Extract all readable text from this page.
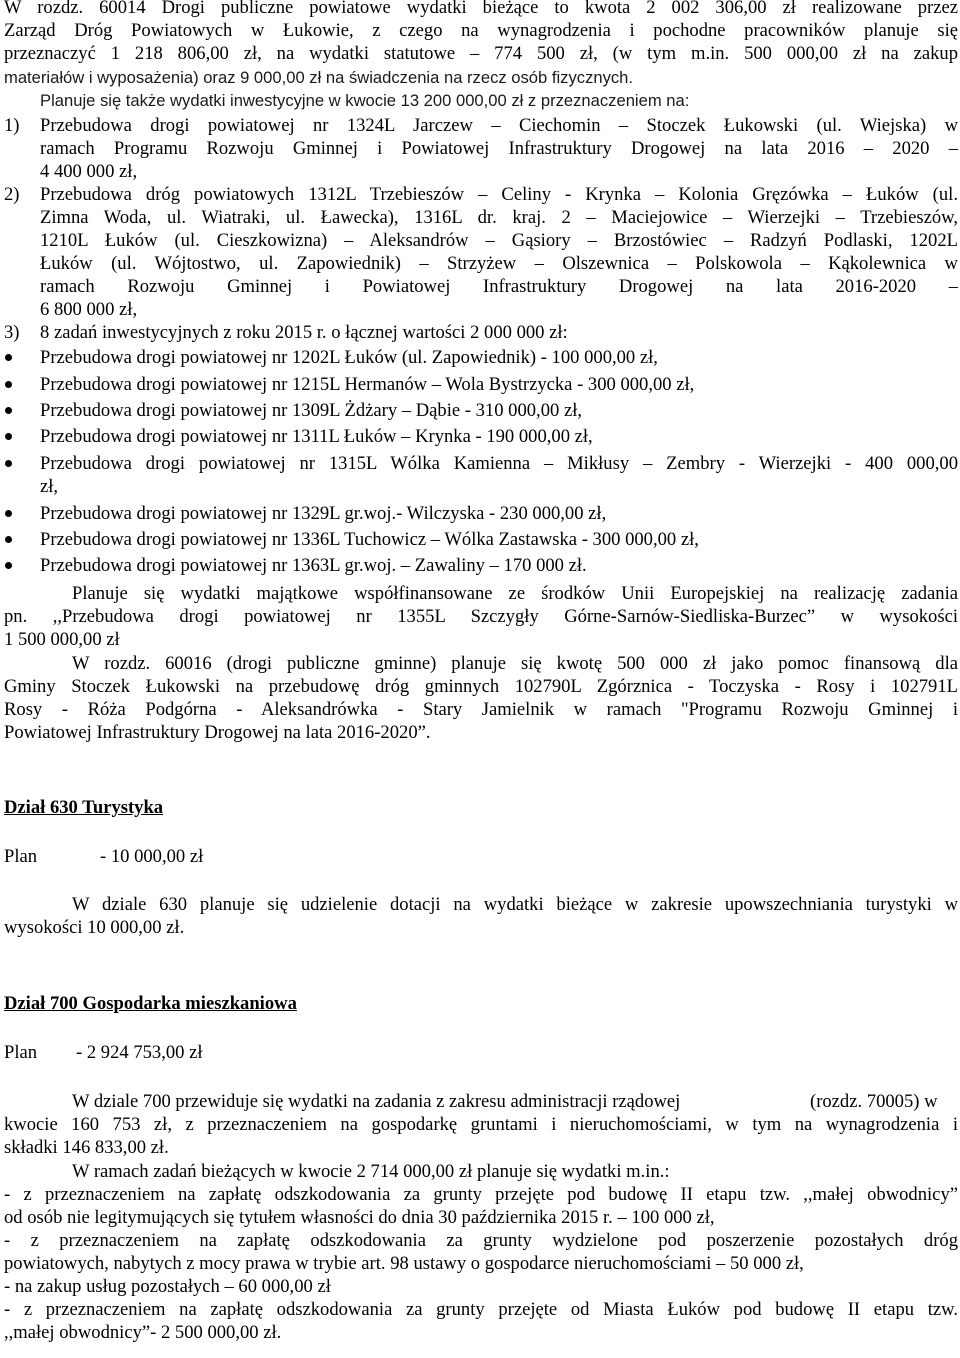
W rozdz. 60014 Drogi publiczne powiatowe wydatki bieżące to kwota 2 002 306,00 zł realizowane przez
Zarząd Dróg Powiatowych w Łukowie, z czego na wynagrodzenia i pochodne pracowników planuje się
przeznaczyć 1 218 806,00 zł, na wydatki statutowe – 774 500 zł, (w tym m.in. 500 000,00 zł na zakup
materiałów i wyposażenia) oraz 9 000,00 zł na świadczenia na rzecz osób fizycznych.
Planuje się także wydatki inwestycyjne w kwocie 13 200 000,00 zł z przeznaczeniem na:
1)	Przebudowa drogi powiatowej nr 1324L Jarczew – Ciechomin – Stoczek Łukowski (ul. Wiejska) w
ramach Programu Rozwoju Gminnej i Powiatowej Infrastruktury Drogowej na lata 2016 – 2020 –
4 400 000 zł,
2)	Przebudowa dróg powiatowych 1312L Trzebieszów – Celiny - Krynka – Kolonia Gręzówka – Łuków (ul.
Zimna Woda, ul. Wiatraki, ul. Ławecka), 1316L dr. kraj. 2 – Maciejowice – Wierzejki – Trzebieszów,
1210L Łuków (ul. Cieszkowizna) – Aleksandrów – Gąsiory – Brzostówiec – Radzyń Podlaski, 1202L
Łuków (ul. Wójtostwo, ul. Zapowiednik) – Strzyżew – Olszewnica – Polskowola – Kąkolewnica w
ramach Rozwoju Gminnej i Powiatowej Infrastruktury Drogowej na lata 2016-2020 –
6 800 000 zł,
3)	8 zadań inwestycyjnych z roku 2015 r. o łącznej wartości 2 000 000 zł:
Przebudowa drogi powiatowej nr 1202L Łuków (ul. Zapowiednik) - 100 000,00 zł,
Przebudowa drogi powiatowej nr 1215L Hermanów – Wola Bystrzycka - 300 000,00 zł,
Przebudowa drogi powiatowej nr 1309L Żdżary – Dąbie - 310 000,00 zł,
Przebudowa drogi powiatowej nr 1311L Łuków – Krynka - 190 000,00 zł,
Przebudowa drogi powiatowej nr 1315L Wólka Kamienna – Mikłusy – Zembry - Wierzejki - 400 000,00
zł,
Przebudowa drogi powiatowej nr 1329L gr.woj.- Wilczyska - 230 000,00 zł,
Przebudowa drogi powiatowej nr 1336L Tuchowicz – Wólka Zastawska - 300 000,00 zł,
Przebudowa drogi powiatowej nr 1363L gr.woj. – Zawaliny – 170 000 zł.
Planuje się wydatki majątkowe współfinansowane ze środków Unii Europejskiej na realizację zadania
pn. ,,Przebudowa drogi powiatowej nr 1355L Szczygły Górne-Sarnów-Siedliska-Burzec” w wysokości
1 500 000,00 zł
W rozdz. 60016 (drogi publiczne gminne) planuje się kwotę 500 000 zł jako pomoc finansową dla
Gminy Stoczek Łukowski na przebudowę dróg gminnych 102790L Zgórznica - Toczyska - Rosy i 102791L
Rosy - Róża Podgórna - Aleksandrówka - Stary Jamielnik w ramach "Programu Rozwoju Gminnej i
Powiatowej Infrastruktury Drogowej na lata 2016-2020”.
Dział 630 Turystyka
Plan	- 10 000,00 zł
W dziale 630 planuje się udzielenie dotacji na wydatki bieżące w zakresie upowszechniania turystyki w
wysokości 10 000,00 zł.
Dział 700 Gospodarka mieszkaniowa
Plan	- 2 924 753,00 zł
W dziale 700 przewiduje się wydatki na zadania z zakresu administracji rządowej	(rozdz. 70005) w
kwocie 160 753 zł, z przeznaczeniem na gospodarkę gruntami i nieruchomościami, w tym na wynagrodzenia i
składki 146 833,00 zł.
W ramach zadań bieżących w kwocie 2 714 000,00 zł planuje się wydatki m.in.:
- z przeznaczeniem na zapłatę odszkodowania za grunty przejęte pod budowę II etapu tzw. ,,małej obwodnicy”
od osób nie legitymujących się tytułem własności do dnia 30 października 2015 r. – 100 000 zł,
- z przeznaczeniem na zapłatę odszkodowania za grunty wydzielone pod poszerzenie pozostałych dróg
powiatowych, nabytych z mocy prawa w trybie art. 98 ustawy o gospodarce nieruchomościami – 50 000 zł,
- na zakup usług pozostałych – 60 000,00 zł
- z przeznaczeniem na zapłatę odszkodowania za grunty przejęte od Miasta Łuków pod budowę II etapu tzw.
,,małej obwodnicy”- 2 500 000,00 zł.
